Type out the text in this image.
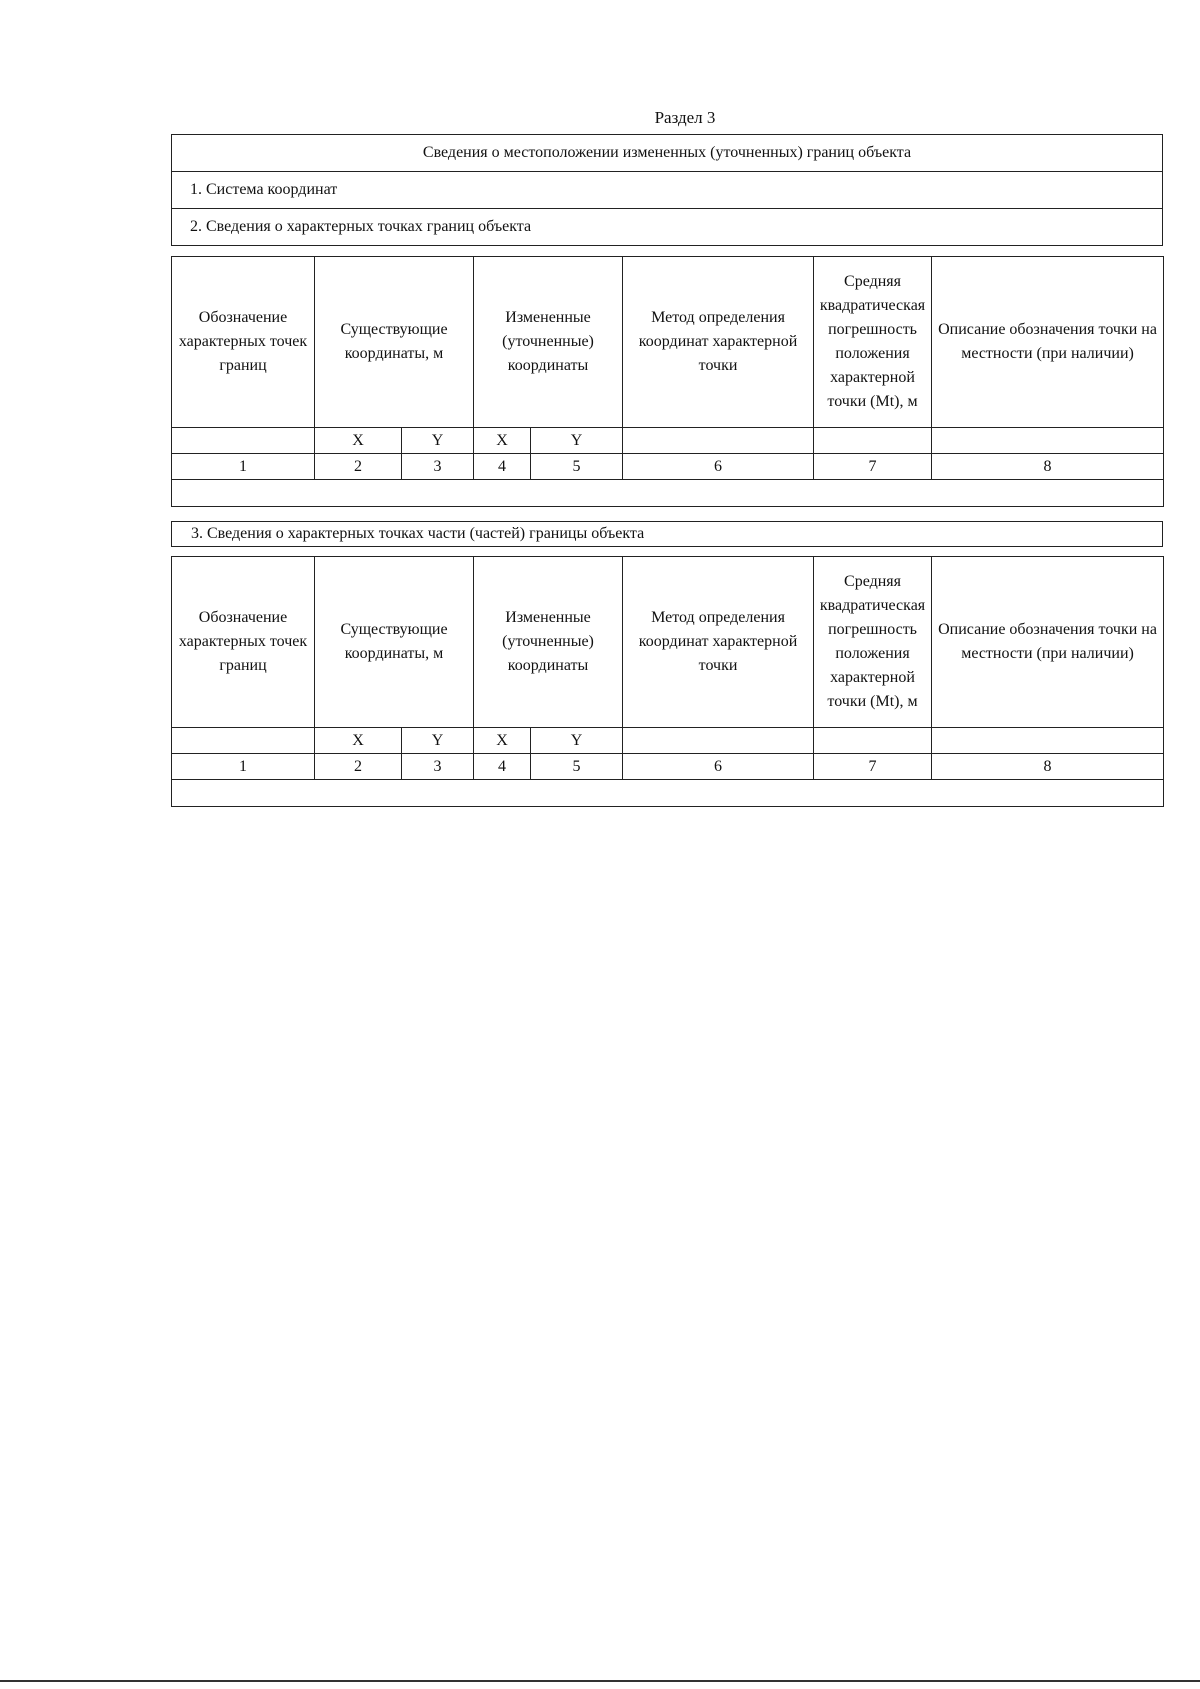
Раздел 3
Сведения о местоположении измененных (уточненных) границ объекта
1. Система координат
2. Сведения о характерных точках границ объекта
Обозначение характерных точек границ	Существующие координаты, м		Измененные (уточненные) координаты		Метод определения координат характерной точки	Средняя квадратическая погрешность положения характерной точки (Mt), м	Описание обозначения точки на местности (при наличии)
	X	Y	X	Y			
1	2	3	4	5	6	7	8

3. Сведения о характерных точках части (частей) границы объекта
Обозначение характерных точек границ	Существующие координаты, м		Измененные (уточненные) координаты		Метод определения координат характерной точки	Средняя квадратическая погрешность положения характерной точки (Mt), м	Описание обозначения точки на местности (при наличии)
	X	Y	X	Y			
1	2	3	4	5	6	7	8
